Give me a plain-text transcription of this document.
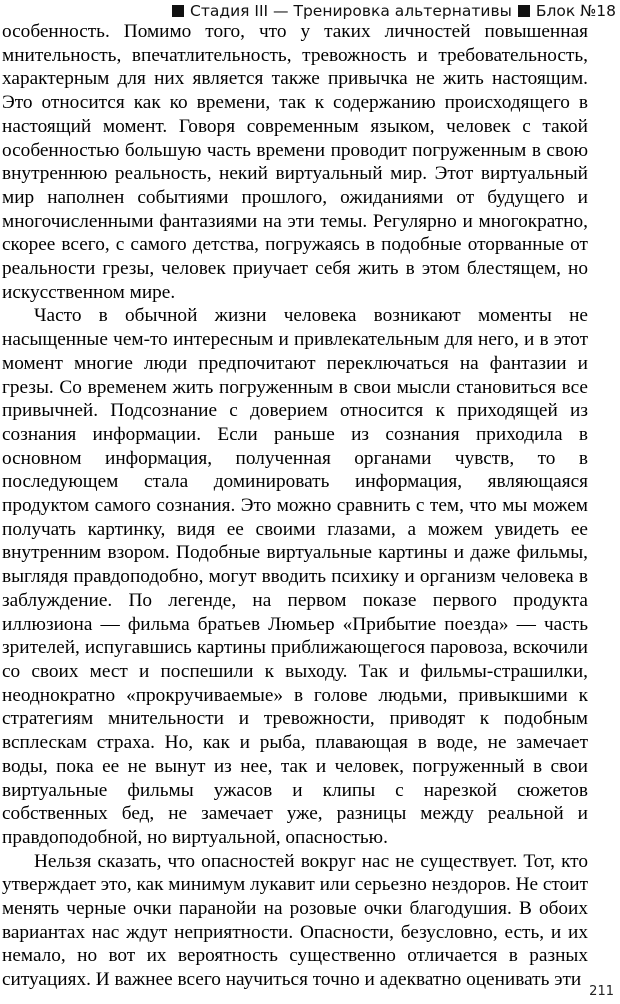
Стадия III — Тренировка альтернативы Блок №18

особенность. Помимо того, что у таких личностей повышенная мнительность, впечатлительность, тревожность и требовательность, характерным для них является также привычка не жить настоящим. Это относится как ко времени, так к содержанию происходящего в настоящий момент. Говоря современным языком, человек с такой особенностью большую часть времени проводит погруженным в свою внутреннюю реальность, некий виртуальный мир. Этот виртуальный мир наполнен событиями прошлого, ожиданиями от будущего и многочисленными фантазиями на эти темы. Регулярно и многократно, скорее всего, с самого детства, погружаясь в подобные оторванные от реальности грезы, человек приучает себя жить в этом блестящем, но искусственном мире.

Часто в обычной жизни человека возникают моменты не насыщенные чем-то интересным и привлекательным для него, и в этот момент многие люди предпочитают переключаться на фантазии и грезы. Со временем жить погруженным в свои мысли становиться все привычней. Подсознание с доверием относится к приходящей из сознания информации. Если раньше из сознания приходила в основном информация, полученная органами чувств, то в последующем стала доминировать информация, являющаяся продуктом самого сознания. Это можно сравнить с тем, что мы можем получать картинку, видя ее своими глазами, а можем увидеть ее внутренним взором. Подобные виртуальные картины и даже фильмы, выглядя правдоподобно, могут вводить психику и организм человека в заблуждение. По легенде, на первом показе первого продукта иллюзиона — фильма братьев Люмьер «Прибытие поезда» — часть зрителей, испугавшись картины приближающегося паровоза, вскочили со своих мест и поспешили к выходу. Так и фильмы-страшилки, неоднократно «прокручиваемые» в голове людьми, привыкшими к стратегиям мнительности и тревожности, приводят к подобным всплескам страха. Но, как и рыба, плавающая в воде, не замечает воды, пока ее не вынут из нее, так и человек, погруженный в свои виртуальные фильмы ужасов и клипы с нарезкой сюжетов собственных бед, не замечает уже, разницы между реальной и правдоподобной, но виртуальной, опасностью.

Нельзя сказать, что опасностей вокруг нас не существует. Тот, кто утверждает это, как минимум лукавит или серьезно нездоров. Не стоит менять черные очки паранойи на розовые очки благодушия. В обоих вариантах нас ждут неприятности. Опасности, безусловно, есть, и их немало, но вот их вероятность существенно отличается в разных ситуациях. И важнее всего научиться точно и адекватно оценивать эти

211
